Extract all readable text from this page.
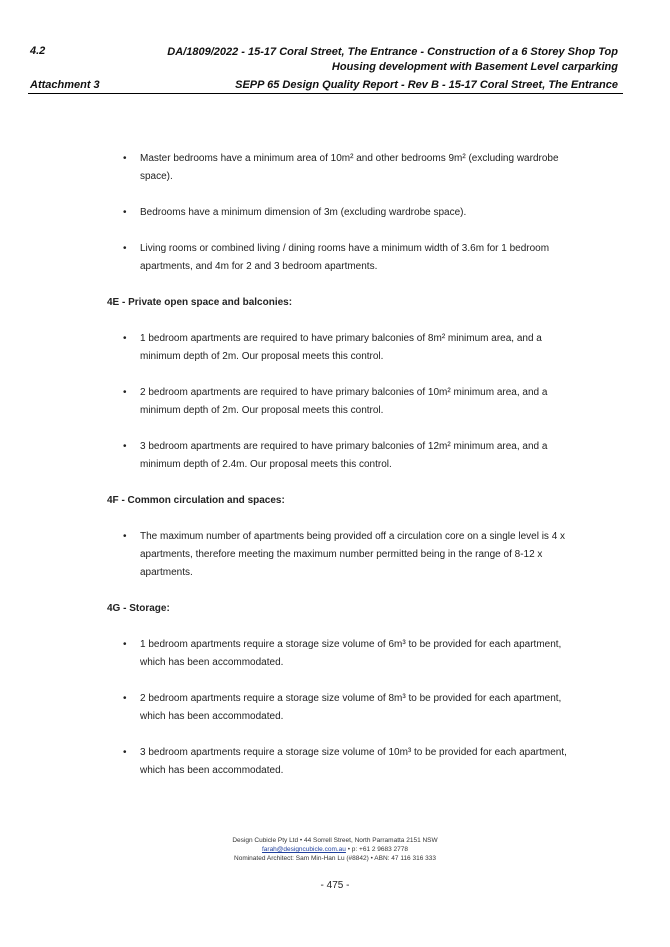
4.2	DA/1809/2022 - 15-17 Coral Street, The Entrance - Construction of a 6 Storey Shop Top Housing development with Basement Level carparking
Attachment 3	SEPP 65 Design Quality Report - Rev B - 15-17 Coral Street, The Entrance
• Master bedrooms have a minimum area of 10m² and other bedrooms 9m² (excluding wardrobe space).
• Bedrooms have a minimum dimension of 3m (excluding wardrobe space).
• Living rooms or combined living / dining rooms have a minimum width of 3.6m for 1 bedroom apartments, and 4m for 2 and 3 bedroom apartments.
4E - Private open space and balconies:
• 1 bedroom apartments are required to have primary balconies of 8m² minimum area, and a minimum depth of 2m. Our proposal meets this control.
• 2 bedroom apartments are required to have primary balconies of 10m² minimum area, and a minimum depth of 2m. Our proposal meets this control.
• 3 bedroom apartments are required to have primary balconies of 12m² minimum area, and a minimum depth of 2.4m. Our proposal meets this control.
4F - Common circulation and spaces:
• The maximum number of apartments being provided off a circulation core on a single level is 4 x apartments, therefore meeting the maximum number permitted being in the range of 8-12 x apartments.
4G - Storage:
• 1 bedroom apartments require a storage size volume of 6m³ to be provided for each apartment, which has been accommodated.
• 2 bedroom apartments require a storage size volume of 8m³ to be provided for each apartment, which has been accommodated.
• 3 bedroom apartments require a storage size volume of 10m³ to be provided for each apartment, which has been accommodated.
Design Cubicle Pty Ltd • 44 Sorrell Street, North Parramatta 2151 NSW
farah@designcubicle.com.au • p: +61 2 9683 2778
Nominated Architect: Sam Min-Han Lu (#8842) • ABN: 47 116 316 333
- 475 -
